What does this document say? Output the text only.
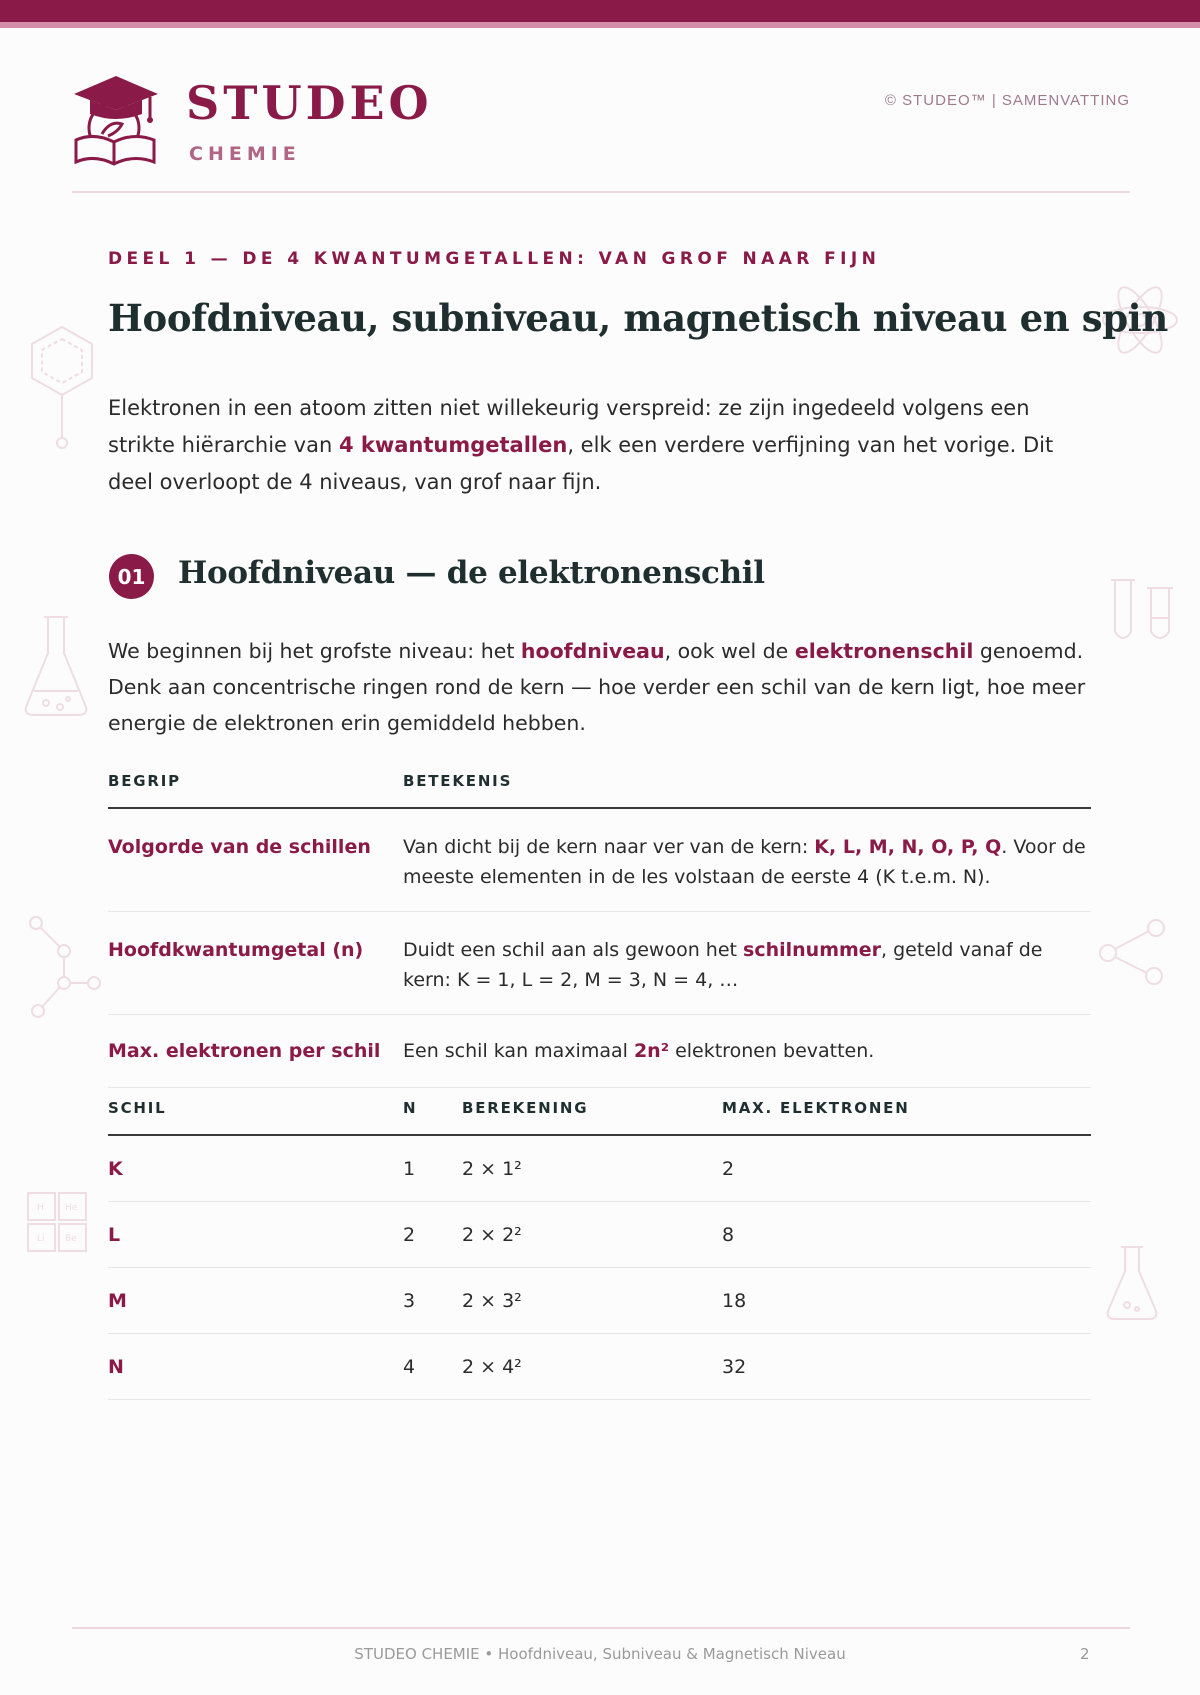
STUDEO
CHEMIE
© STUDEO™ | SAMENVATTING
H He
Li Be
DEEL 1 — DE 4 KWANTUMGETALLEN: VAN GROF NAAR FIJN
Hoofdniveau, subniveau, magnetisch niveau en spin

Elektronen in een atoom zitten niet willekeurig verspreid: ze zijn ingedeeld volgens een strikte hiërarchie van 4 kwantumgetallen, elk een verdere verfijning van het vorige. Dit deel overloopt de 4 niveaus, van grof naar fijn.

01 Hoofdniveau — de elektronenschil

We beginnen bij het grofste niveau: het hoofdniveau, ook wel de elektronenschil genoemd. Denk aan concentrische ringen rond de kern — hoe verder een schil van de kern ligt, hoe meer energie de elektronen erin gemiddeld hebben.

BEGRIP	BETEKENIS
Volgorde van de schillen	Van dicht bij de kern naar ver van de kern: K, L, M, N, O, P, Q. Voor de meeste elementen in de les volstaan de eerste 4 (K t.e.m. N).
Hoofdkwantumgetal (n)	Duidt een schil aan als gewoon het schilnummer, geteld vanaf de kern: K = 1, L = 2, M = 3, N = 4, …
Max. elektronen per schil	Een schil kan maximaal 2n² elektronen bevatten.
SCHIL	N	BEREKENING	MAX. ELEKTRONEN
K	1	2 × 1²	2
L	2	2 × 2²	8
M	3	2 × 3²	18
N	4	2 × 4²	32
STUDEO CHEMIE • Hoofdniveau, Subniveau & Magnetisch Niveau	2
